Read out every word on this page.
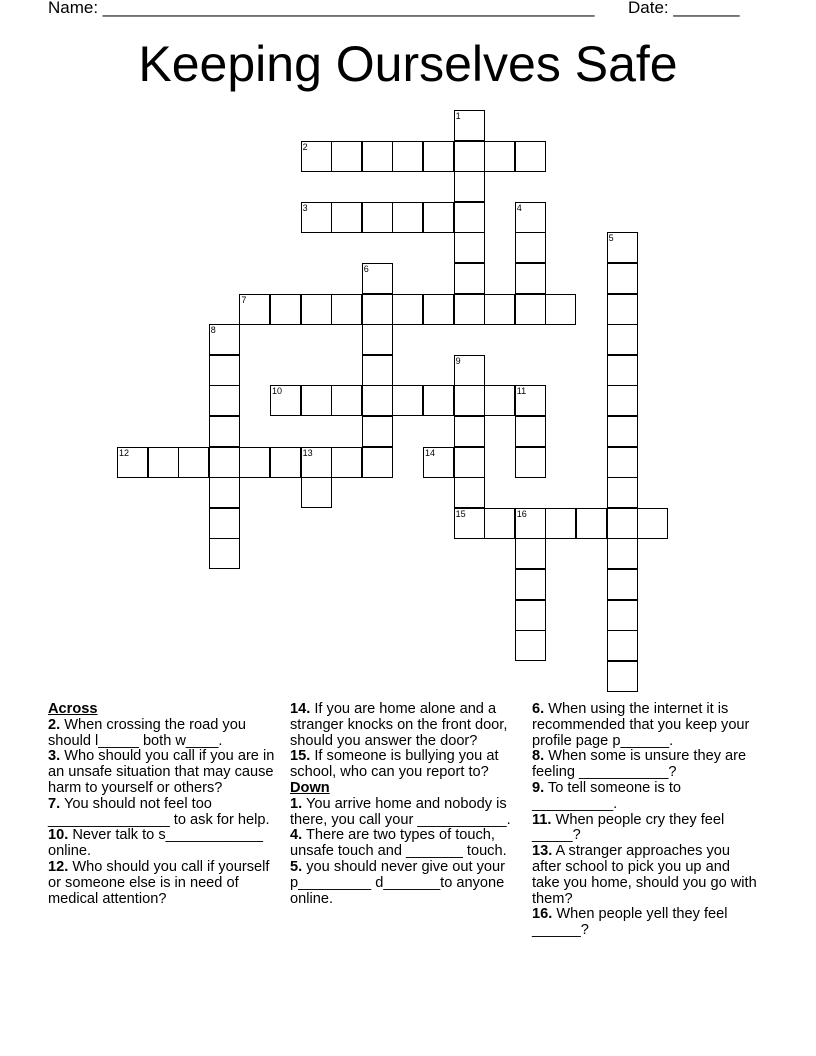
Name: ____________________________________________________ Date: _______
Keeping Ourselves Safe
2
3
7
10	11
12	13
15	16
1
4
5
6
8
9
14

Across

2. When crossing the road you should l_____ both w____.

3. Who should you call if you are in an unsafe situation that may cause harm to yourself or others?

7. You should not feel too _______________ to ask for help.

10. Never talk to s____________ online.

12. Who should you call if yourself or someone else is in need of medical attention?

14. If you are home alone and a stranger knocks on the front door, should you answer the door?

15. If someone is bullying you at school, who can you report to?

Down

1. You arrive home and nobody is there, you call your ___________.

4. There are two types of touch, unsafe touch and _______ touch.

5. you should never give out your p_________ d_______to anyone online.

6. When using the internet it is recommended that you keep your profile page p______.

8. When some is unsure they are feeling ___________?

9. To tell someone is to __________.

11. When people cry they feel _____?

13. A stranger approaches you after school to pick you up and take you home, should you go with them?

16. When people yell they feel ______?
